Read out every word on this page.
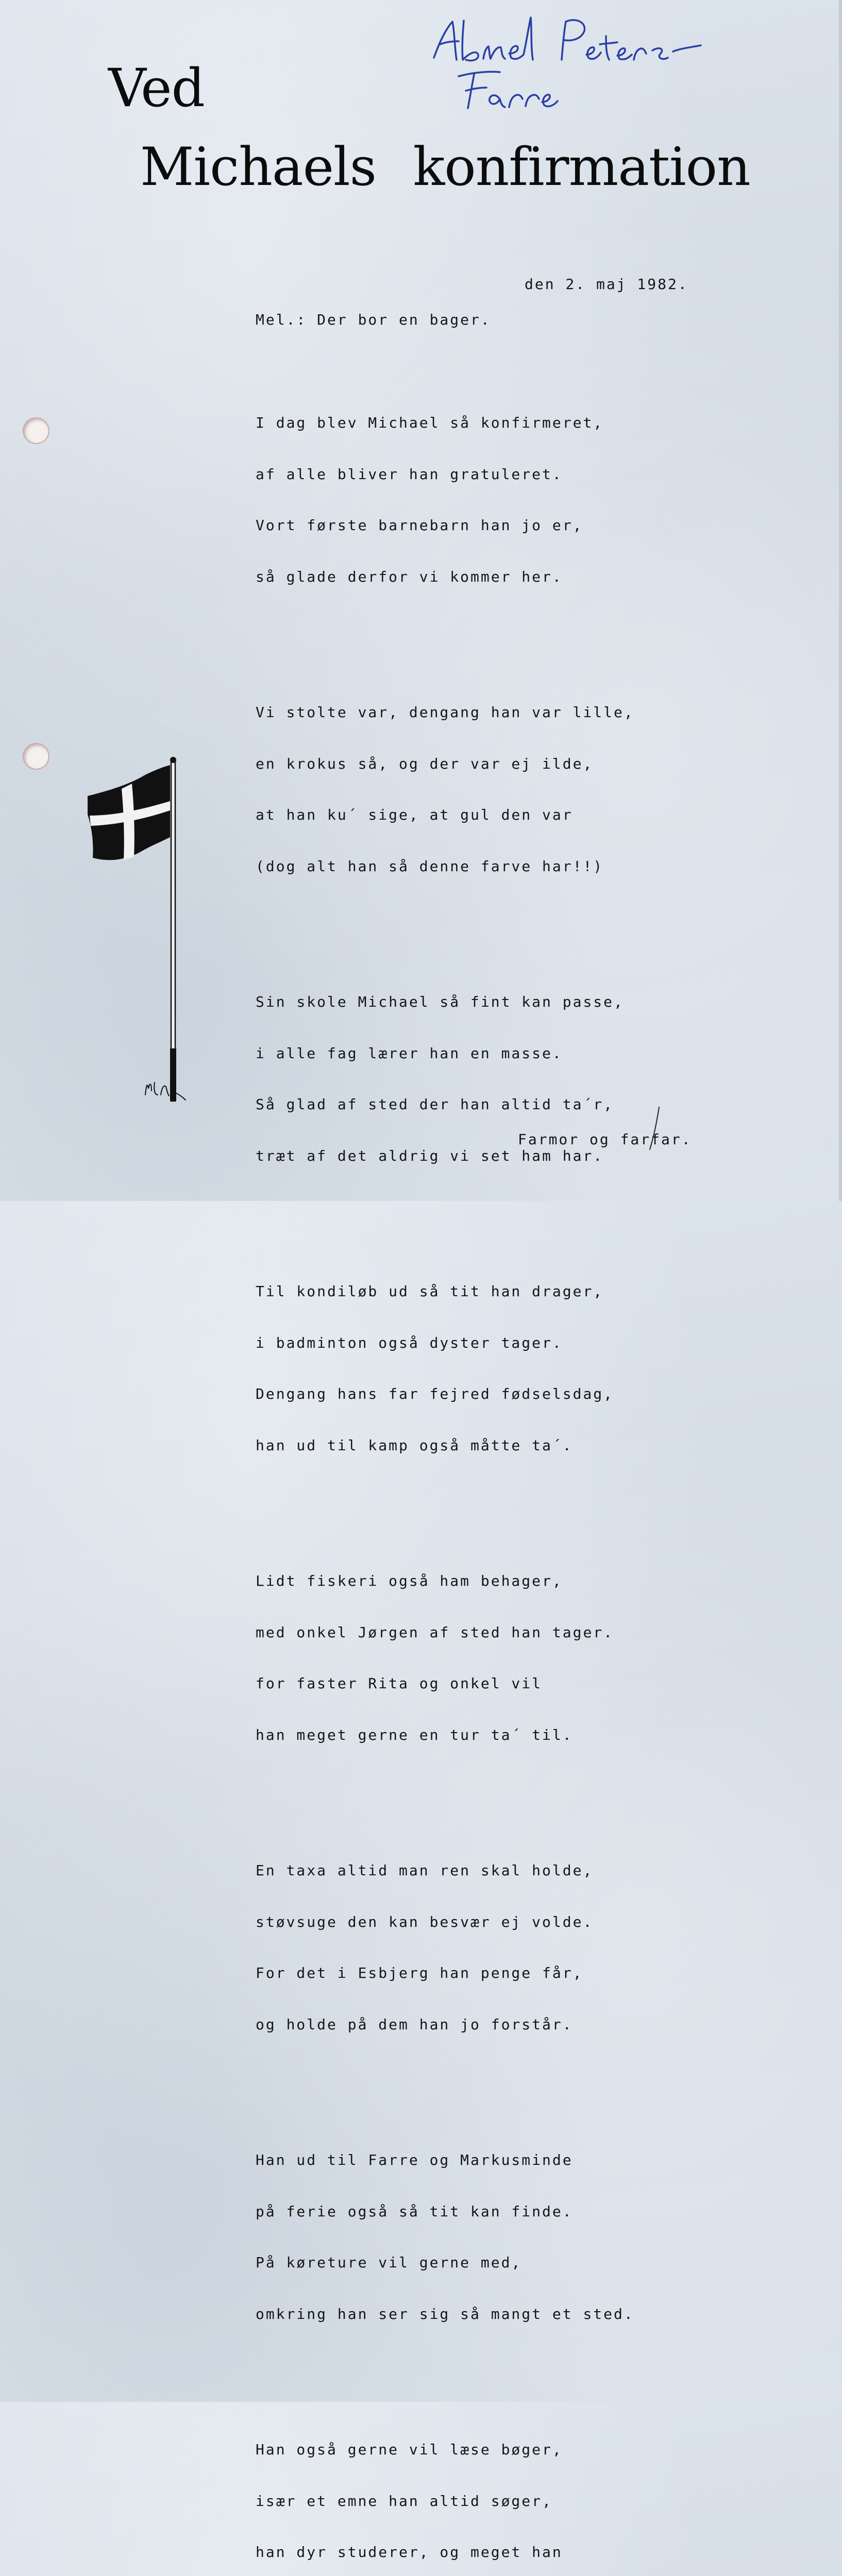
Ved
Michaels konfirmation
den 2. maj 1982.
Mel.: Der bor en bager.

I dag blev Michael så konfirmeret,

af alle bliver han gratuleret.

Vort første barnebarn han jo er,

så glade derfor vi kommer her.

Vi stolte var, dengang han var lille,

en krokus så, og der var ej ilde,

at han ku´ sige, at gul den var

(dog alt han så denne farve har!!)

Sin skole Michael så fint kan passe,

i alle fag lærer han en masse.

Så glad af sted der han altid ta´r,

træt af det aldrig vi set ham har.

Til kondiløb ud så tit han drager,

i badminton også dyster tager.

Dengang hans far fejred fødselsdag,

han ud til kamp også måtte ta´.

Lidt fiskeri også ham behager,

med onkel Jørgen af sted han tager.

for faster Rita og onkel vil

han meget gerne en tur ta´ til.

En taxa altid man ren skal holde,

støvsuge den kan besvær ej volde.

For det i Esbjerg han penge får,

og holde på dem han jo forstår.

Han ud til Farre og Markusminde

på ferie også så tit kan finde.

På køreture vil gerne med,

omkring han ser sig så mangt et sted.

Han også gerne vil læse bøger,

især et emne han altid søger,

han dyr studerer, og meget han

Farmor og farfar.
